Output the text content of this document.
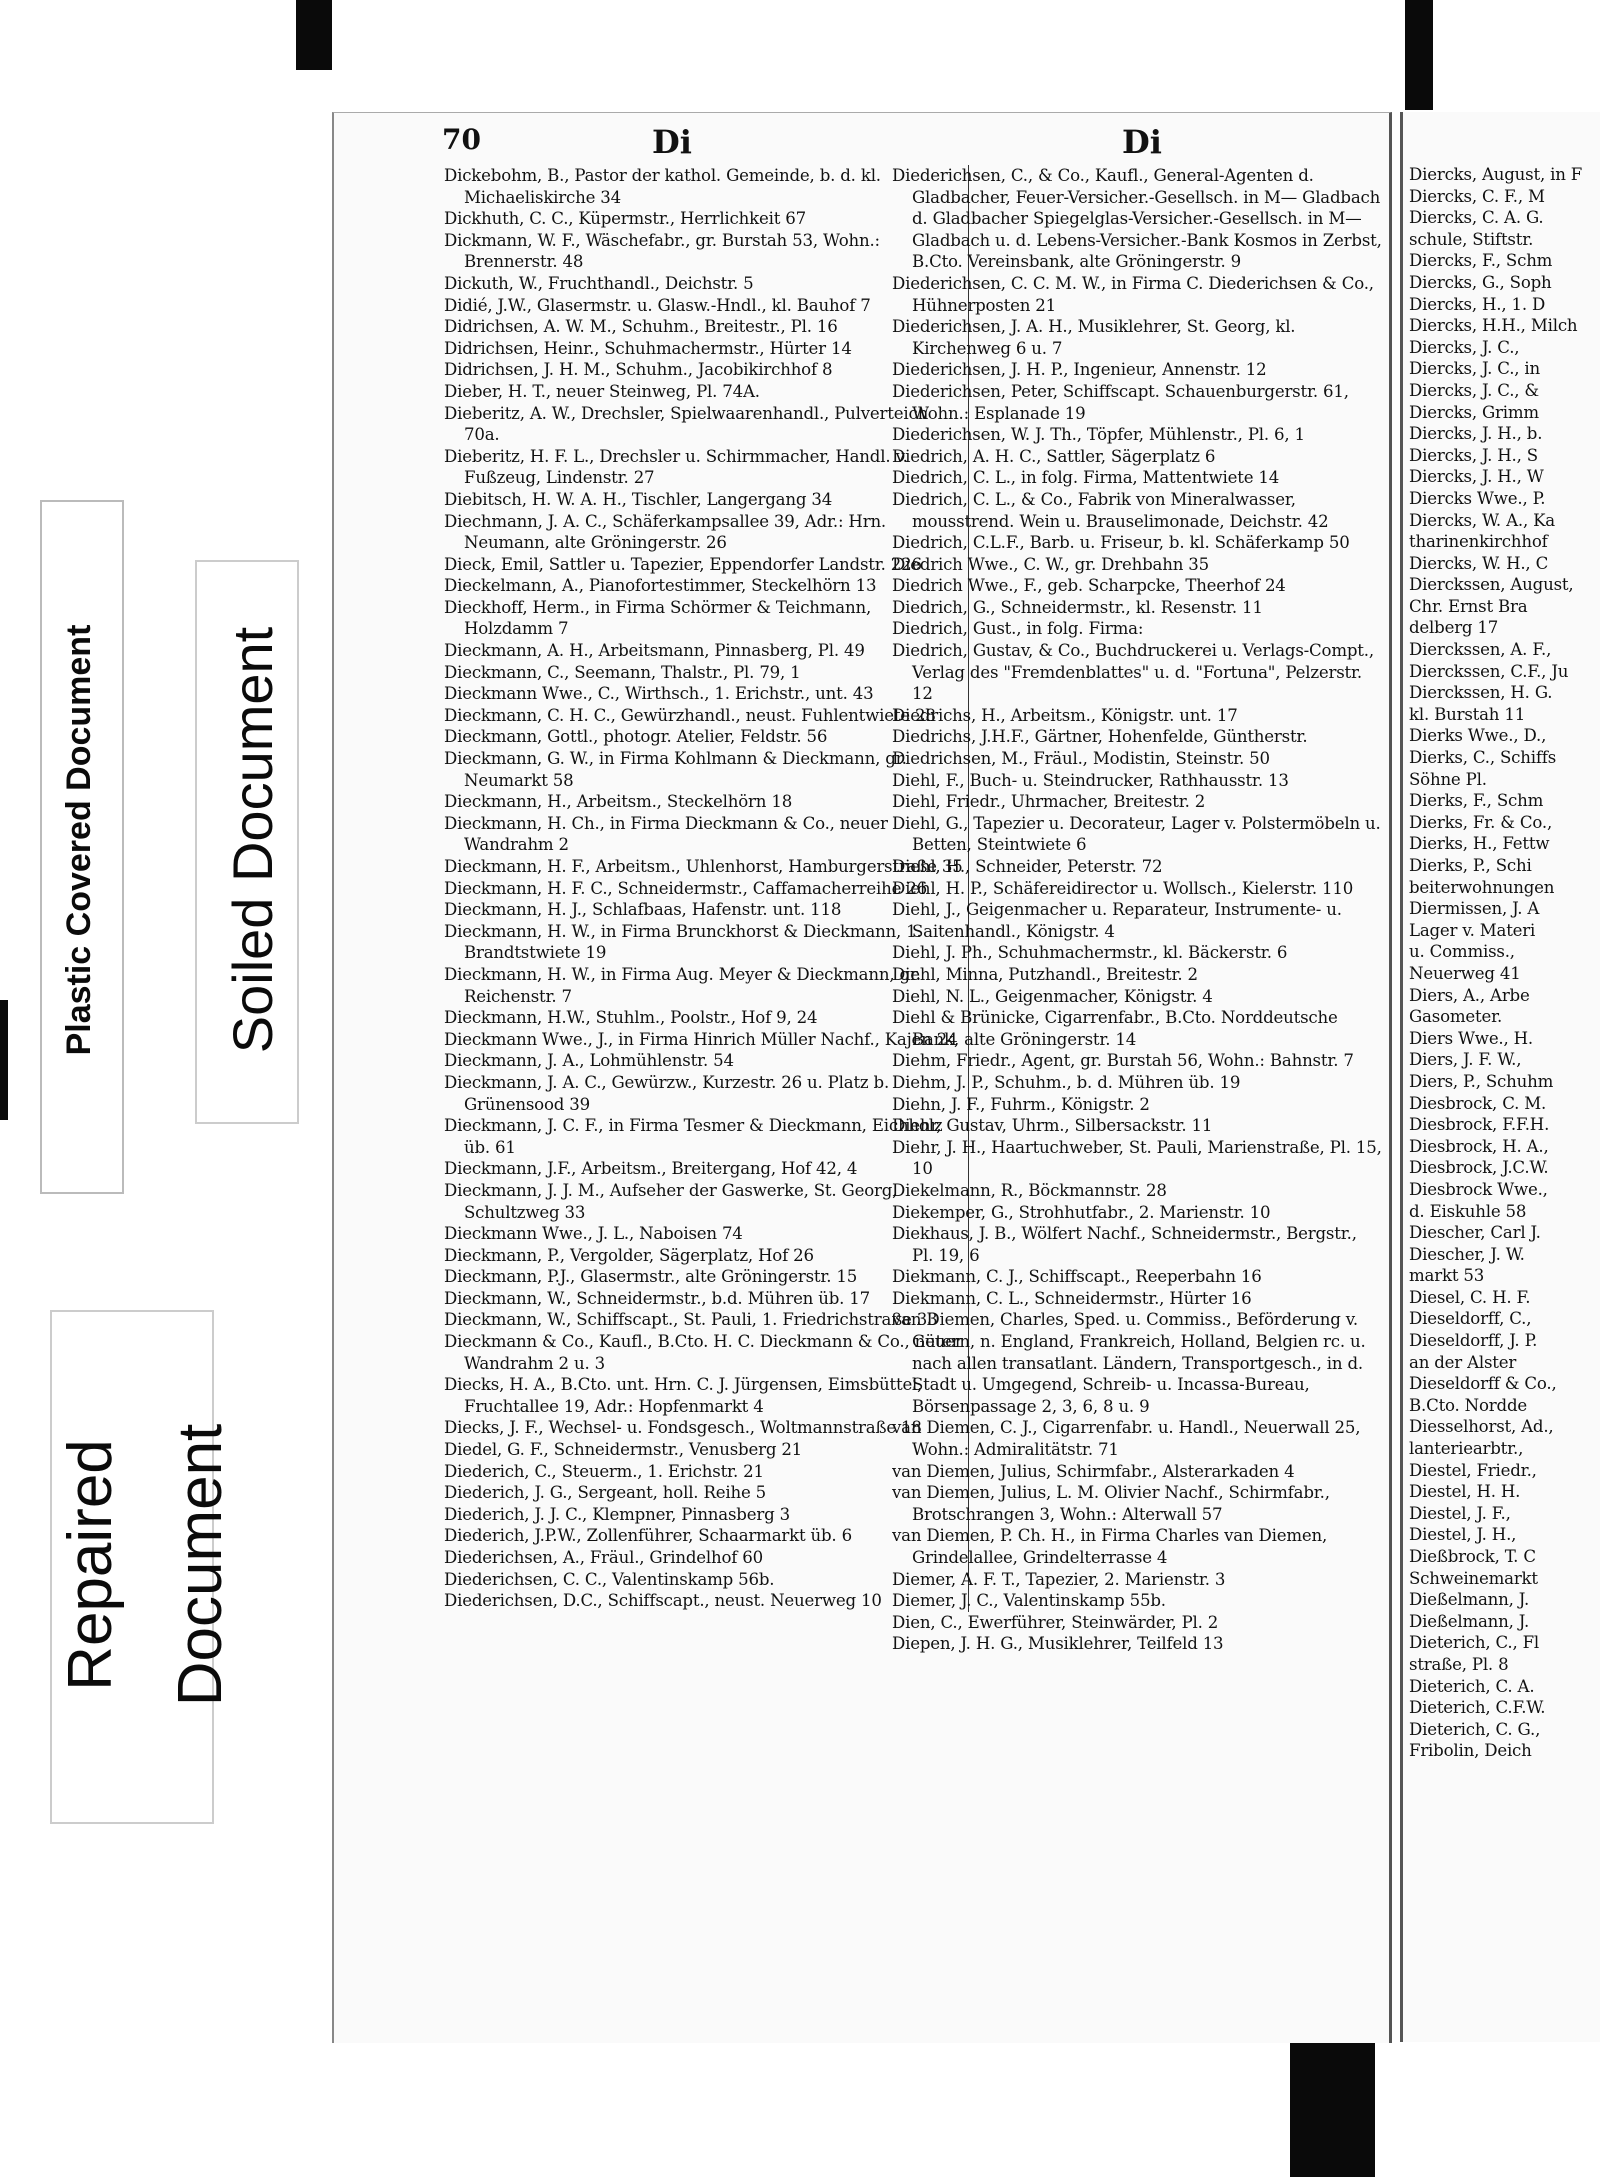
Plastic Covered Document Soiled Document
Repaired Document
70	Di	Di
Dickebohm, B., Pastor der kathol. Gemeinde, b. d. kl. Michaeliskirche 34
Dickhuth, C. C., Küpermstr., Herrlichkeit 67
Dickmann, W. F., Wäschefabr., gr. Burstah 53, Wohn.: Brennerstr. 48
Dickuth, W., Fruchthandl., Deichstr. 5
Didié, J.W., Glasermstr. u. Glasw.-Hndl., kl. Bauhof 7
Didrichsen, A. W. M., Schuhm., Breitestr., Pl. 16
Didrichsen, Heinr., Schuhmachermstr., Hürter 14
Didrichsen, J. H. M., Schuhm., Jacobikirchhof 8
Dieber, H. T., neuer Steinweg, Pl. 74A.
Dieberitz, A. W., Drechsler, Spielwaarenhandl., Pulverteich 70a.
Dieberitz, H. F. L., Drechsler u. Schirmmacher, Handl. v. Fußzeug, Lindenstr. 27
Diebitsch, H. W. A. H., Tischler, Langergang 34
Diechmann, J. A. C., Schäferkampsallee 39, Adr.: Hrn. Neumann, alte Gröningerstr. 26
Dieck, Emil, Sattler u. Tapezier, Eppendorfer Landstr. 226
Dieckelmann, A., Pianofortestimmer, Steckelhörn 13
Dieckhoff, Herm., in Firma Schörmer & Teichmann, Holzdamm 7
Dieckmann, A. H., Arbeitsmann, Pinnasberg, Pl. 49
Dieckmann, C., Seemann, Thalstr., Pl. 79, 1
Dieckmann Wwe., C., Wirthsch., 1. Erichstr., unt. 43
Dieckmann, C. H. C., Gewürzhandl., neust. Fuhlentwiete 28
Dieckmann, Gottl., photogr. Atelier, Feldstr. 56
Dieckmann, G. W., in Firma Kohlmann & Dieckmann, gr. Neumarkt 58
Dieckmann, H., Arbeitsm., Steckelhörn 18
Dieckmann, H. Ch., in Firma Dieckmann & Co., neuer Wandrahm 2
Dieckmann, H. F., Arbeitsm., Uhlenhorst, Hamburgerstraße 35
Dieckmann, H. F. C., Schneidermstr., Caffamacherreihe 26
Dieckmann, H. J., Schlafbaas, Hafenstr. unt. 118
Dieckmann, H. W., in Firma Brunckhorst & Dieckmann, 1. Brandtstwiete 19
Dieckmann, H. W., in Firma Aug. Meyer & Dieckmann, gr. Reichenstr. 7
Dieckmann, H.W., Stuhlm., Poolstr., Hof 9, 24
Dieckmann Wwe., J., in Firma Hinrich Müller Nachf., Kajen 24
Dieckmann, J. A., Lohmühlenstr. 54
Dieckmann, J. A. C., Gewürzw., Kurzestr. 26 u. Platz b. Grünensood 39
Dieckmann, J. C. F., in Firma Tesmer & Dieckmann, Eichholz üb. 61
Dieckmann, J.F., Arbeitsm., Breitergang, Hof 42, 4
Dieckmann, J. J. M., Aufseher der Gaswerke, St. Georg, Schultzweg 33
Dieckmann Wwe., J. L., Naboisen 74
Dieckmann, P., Vergolder, Sägerplatz, Hof 26
Dieckmann, P.J., Glasermstr., alte Gröningerstr. 15
Dieckmann, W., Schneidermstr., b.d. Mühren üb. 17
Dieckmann, W., Schiffscapt., St. Pauli, 1. Friedrichstraße 33
Dieckmann & Co., Kaufl., B.Cto. H. C. Dieckmann & Co., neuer Wandrahm 2 u. 3
Diecks, H. A., B.Cto. unt. Hrn. C. J. Jürgensen, Eimsbüttel, Fruchtallee 19, Adr.: Hopfenmarkt 4
Diecks, J. F., Wechsel- u. Fondsgesch., Woltmannstraße 18
Diedel, G. F., Schneidermstr., Venusberg 21
Diederich, C., Steuerm., 1. Erichstr. 21
Diederich, J. G., Sergeant, holl. Reihe 5
Diederich, J. J. C., Klempner, Pinnasberg 3
Diederich, J.P.W., Zollenführer, Schaarmarkt üb. 6
Diederichsen, A., Fräul., Grindelhof 60
Diederichsen, C. C., Valentinskamp 56b.
Diederichsen, D.C., Schiffscapt., neust. Neuerweg 10
Diederichsen, C., & Co., Kaufl., General-Agenten d. Gladbacher, Feuer-Versicher.-Gesellsch. in M— Gladbach d. Gladbacher Spiegelglas-Versicher.-Gesellsch. in M— Gladbach u. d. Lebens-Versicher.-Bank Kosmos in Zerbst, B.Cto. Vereinsbank, alte Gröningerstr. 9
Diederichsen, C. C. M. W., in Firma C. Diederichsen & Co., Hühnerposten 21
Diederichsen, J. A. H., Musiklehrer, St. Georg, kl. Kirchenweg 6 u. 7
Diederichsen, J. H. P., Ingenieur, Annenstr. 12
Diederichsen, Peter, Schiffscapt. Schauenburgerstr. 61, Wohn.: Esplanade 19
Diederichsen, W. J. Th., Töpfer, Mühlenstr., Pl. 6, 1
Diedrich, A. H. C., Sattler, Sägerplatz 6
Diedrich, C. L., in folg. Firma, Mattentwiete 14
Diedrich, C. L., & Co., Fabrik von Mineralwasser, mousstrend. Wein u. Brauselimonade, Deichstr. 42
Diedrich, C.L.F., Barb. u. Friseur, b. kl. Schäferkamp 50
Diedrich Wwe., C. W., gr. Drehbahn 35
Diedrich Wwe., F., geb. Scharpcke, Theerhof 24
Diedrich, G., Schneidermstr., kl. Resenstr. 11
Diedrich, Gust., in folg. Firma:
Diedrich, Gustav, & Co., Buchdruckerei u. Verlags-Compt., Verlag des "Fremdenblattes" u. d. "Fortuna", Pelzerstr. 12
Diedrichs, H., Arbeitsm., Königstr. unt. 17
Diedrichs, J.H.F., Gärtner, Hohenfelde, Güntherstr.
Diedrichsen, M., Fräul., Modistin, Steinstr. 50
Diehl, F., Buch- u. Steindrucker, Rathhausstr. 13
Diehl, Friedr., Uhrmacher, Breitestr. 2
Diehl, G., Tapezier u. Decorateur, Lager v. Polstermöbeln u. Betten, Steintwiete 6
Diehl, H., Schneider, Peterstr. 72
Diehl, H. P., Schäfereidirector u. Wollsch., Kielerstr. 110
Diehl, J., Geigenmacher u. Reparateur, Instrumente- u. Saitenhandl., Königstr. 4
Diehl, J. Ph., Schuhmachermstr., kl. Bäckerstr. 6
Diehl, Minna, Putzhandl., Breitestr. 2
Diehl, N. L., Geigenmacher, Königstr. 4
Diehl & Brünicke, Cigarrenfabr., B.Cto. Norddeutsche Bank, alte Gröningerstr. 14
Diehm, Friedr., Agent, gr. Burstah 56, Wohn.: Bahnstr. 7
Diehm, J. P., Schuhm., b. d. Mühren üb. 19
Diehn, J. F., Fuhrm., Königstr. 2
Diehr, Gustav, Uhrm., Silbersackstr. 11
Diehr, J. H., Haartuchweber, St. Pauli, Marienstraße, Pl. 15, 10
Diekelmann, R., Böckmannstr. 28
Diekemper, G., Strohhutfabr., 2. Marienstr. 10
Diekhaus, J. B., Wölfert Nachf., Schneidermstr., Bergstr., Pl. 19, 6
Diekmann, C. J., Schiffscapt., Reeperbahn 16
Diekmann, C. L., Schneidermstr., Hürter 16
van Diemen, Charles, Sped. u. Commiss., Beförderung v. Gütern, n. England, Frankreich, Holland, Belgien rc. u. nach allen transatlant. Ländern, Transportgesch., in d. Stadt u. Umgegend, Schreib- u. Incassa-Bureau, Börsenpassage 2, 3, 6, 8 u. 9
van Diemen, C. J., Cigarrenfabr. u. Handl., Neuerwall 25, Wohn.: Admiralitätstr. 71
van Diemen, Julius, Schirmfabr., Alsterarkaden 4
van Diemen, Julius, L. M. Olivier Nachf., Schirmfabr., Brotschrangen 3, Wohn.: Alterwall 57
van Diemen, P. Ch. H., in Firma Charles van Diemen, Grindelallee, Grindelterrasse 4
Diemer, A. F. T., Tapezier, 2. Marienstr. 3
Diemer, J. C., Valentinskamp 55b.
Dien, C., Ewerführer, Steinwärder, Pl. 2
Diepen, J. H. G., Musiklehrer, Teilfeld 13
Diercks, August, in F
Diercks, C. F., M
Diercks, C. A. G.
schule, Stiftstr.
Diercks, F., Schm
Diercks, G., Soph
Diercks, H., 1. D
Diercks, H.H., Milch
Diercks, J. C.,
Diercks, J. C., in
Diercks, J. C., &
Diercks, Grimm
Diercks, J. H., b.
Diercks, J. H., S
Diercks, J. H., W
Diercks Wwe., P.
Diercks, W. A., Ka
tharinenkirchhof
Diercks, W. H., C
Dierckssen, August,
Chr. Ernst Bra
delberg 17
Dierckssen, A. F.,
Dierckssen, C.F., Ju
Dierckssen, H. G.
kl. Burstah 11
Dierks Wwe., D.,
Dierks, C., Schiffs
Söhne Pl.
Dierks, F., Schm
Dierks, Fr. & Co.,
Dierks, H., Fettw
Dierks, P., Schi
beiterwohnungen
Diermissen, J. A
Lager v. Materi
u. Commiss.,
Neuerweg 41
Diers, A., Arbe
Gasometer.
Diers Wwe., H.
Diers, J. F. W.,
Diers, P., Schuhm
Diesbrock, C. M.
Diesbrock, F.F.H.
Diesbrock, H. A.,
Diesbrock, J.C.W.
Diesbrock Wwe.,
d. Eiskuhle 58
Diescher, Carl J.
Diescher, J. W.
markt 53
Diesel, C. H. F.
Dieseldorff, C.,
Dieseldorff, J. P.
an der Alster
Dieseldorff & Co.,
B.Cto. Nordde
Diesselhorst, Ad.,
lanteriearbtr.,
Diestel, Friedr.,
Diestel, H. H.
Diestel, J. F.,
Diestel, J. H.,
Dießbrock, T. C
Schweinemarkt
Dießelmann, J.
Dießelmann, J.
Dieterich, C., Fl
straße, Pl. 8
Dieterich, C. A.
Dieterich, C.F.W.
Dieterich, C. G.,
Fribolin, Deich
